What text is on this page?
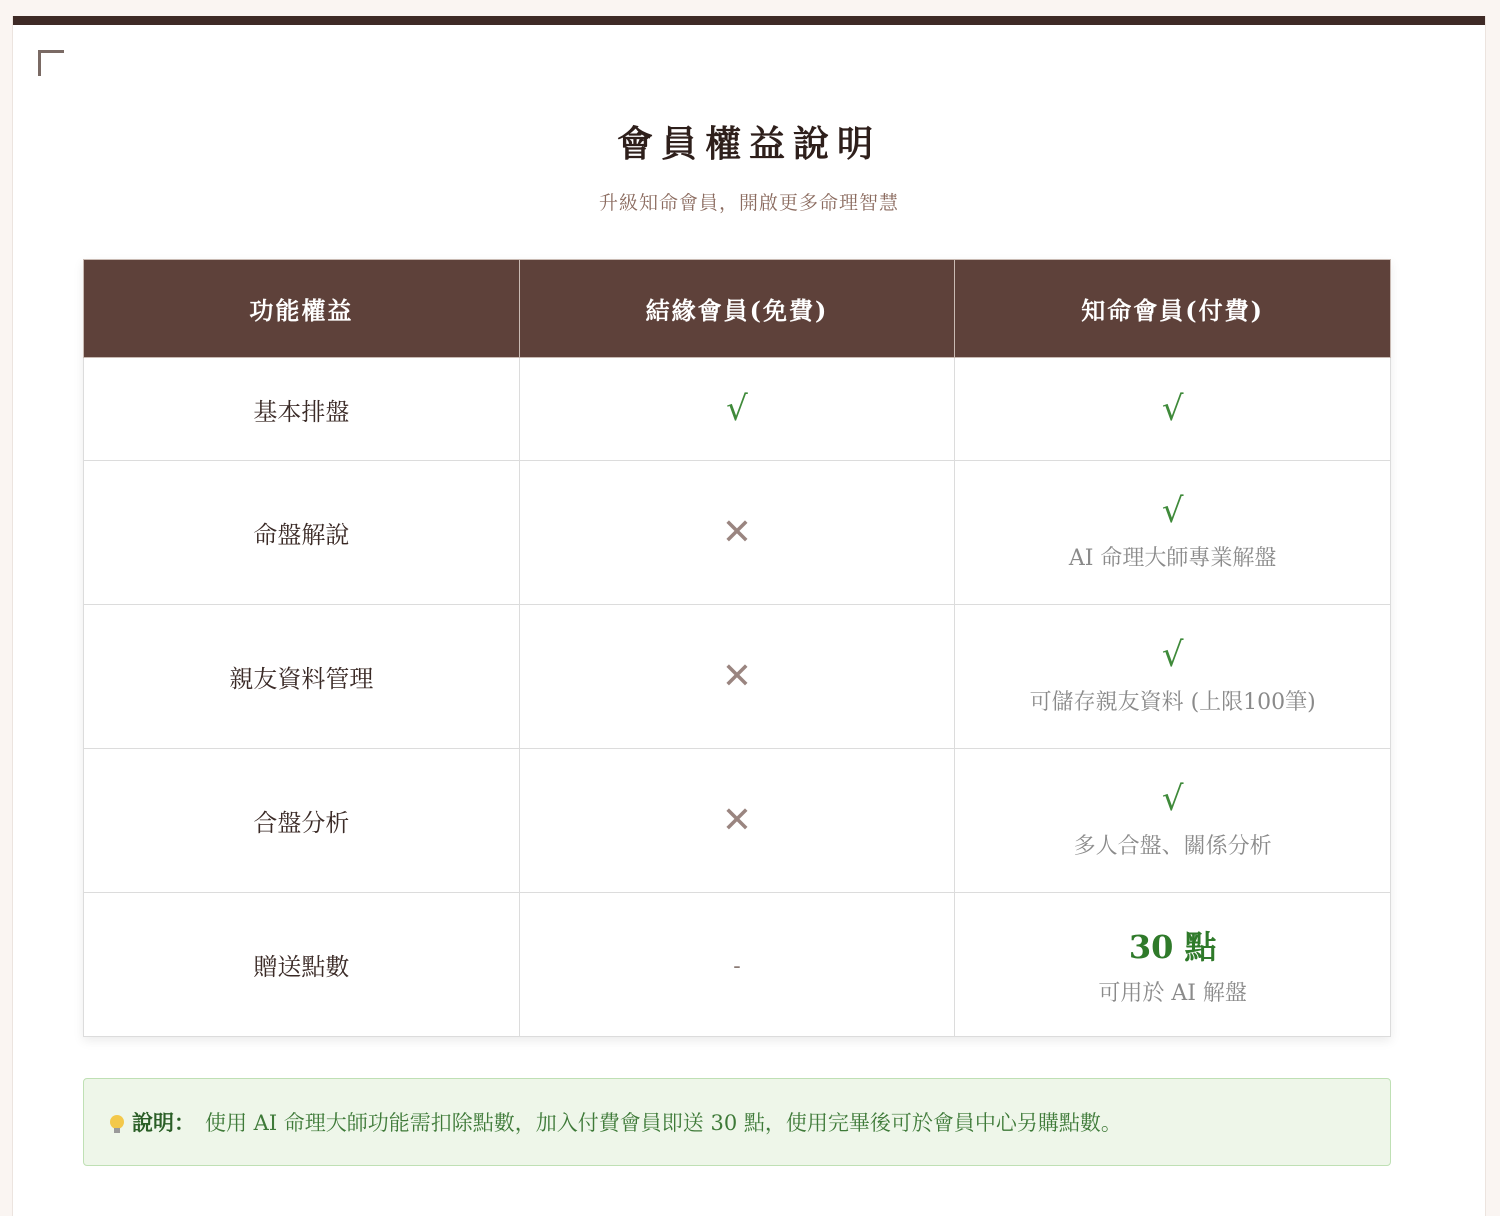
會員權益說明
升級知命會員，開啟更多命理智慧
功能權益	結緣會員(免費)	知命會員(付費)
基本排盤	√	√

命盤解說	✕	√
AI 命理大師專業解盤

親友資料管理	✕	√
可儲存親友資料 (上限100筆)

合盤分析	✕	√
多人合盤、關係分析

贈送點數	-	30 點
可用於 AI 解盤
說明： 使用 AI 命理大師功能需扣除點數，加入付費會員即送 30 點，使用完畢後可於會員中心另購點數。
